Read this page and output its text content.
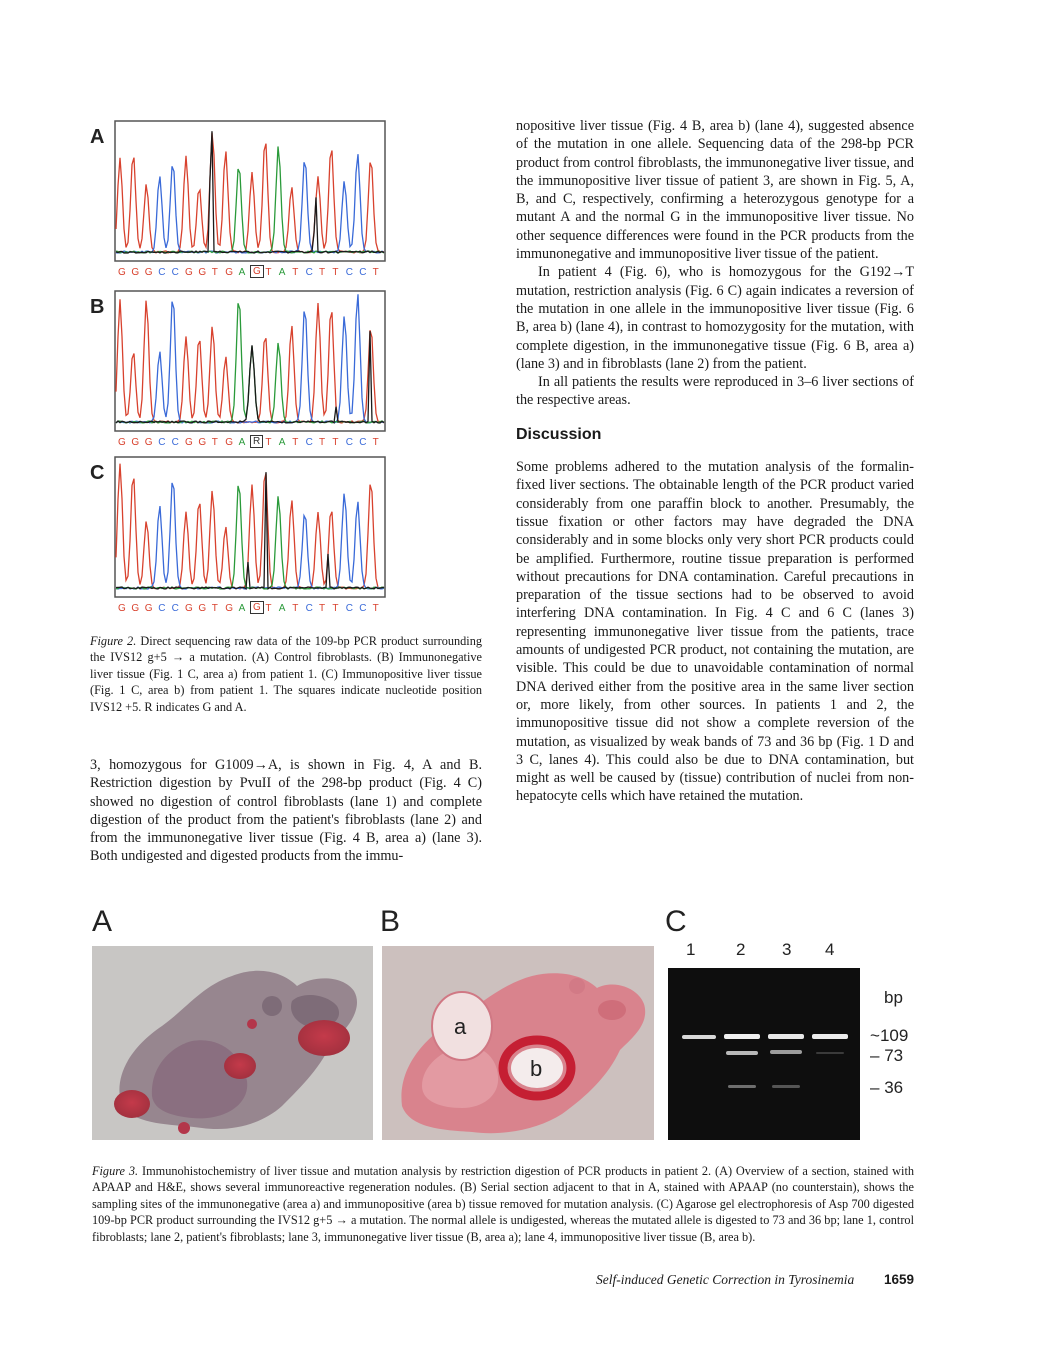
A
G G G C C G G T G A G T A T C T T C C T
B
G G G C C G G T G A R T A T C T T C C T
C
G G G C C G G T G A G T A T C T T C C T
Figure 2. Direct sequencing raw data of the 109-bp PCR product surrounding the IVS12 g+5 → a mutation. (A) Control fibroblasts. (B) Immunonegative liver tissue (Fig. 1 C, area a) from patient 1. (C) Immunopositive liver tissue (Fig. 1 C, area b) from patient 1. The squares indicate nucleotide position IVS12 +5. R indicates G and A.

3, homozygous for G1009→A, is shown in Fig. 4, A and B. Restriction digestion by PvuII of the 298-bp product (Fig. 4 C) showed no digestion of control fibroblasts (lane 1) and complete digestion of the product from the patient's fibroblasts (lane 2) and from the immunonegative liver tissue (Fig. 4 B, area a) (lane 3). Both undigested and digested products from the immu-

nopositive liver tissue (Fig. 4 B, area b) (lane 4), suggested absence of the mutation in one allele. Sequencing data of the 298-bp PCR product from control fibroblasts, the immunonegative liver tissue, and the immunopositive liver tissue of patient 3, are shown in Fig. 5, A, B, and C, respectively, confirming a heterozygous genotype for a mutant A and the normal G in the immunopositive liver tissue. No other sequence differences were found in the PCR products from the immunonegative and immunopositive liver tissue of the patient.

In patient 4 (Fig. 6), who is homozygous for the G192→T mutation, restriction analysis (Fig. 6 C) again indicates a reversion of the mutation in one allele in the immunopositive liver tissue (Fig. 6 B, area b) (lane 4), in contrast to homozygosity for the mutation, with complete digestion, in the immunonegative tissue (Fig. 6 B, area a) (lane 3) and in fibroblasts (lane 2) from the patient.

In all patients the results were reproduced in 3–6 liver sections of the respective areas.

Discussion

Some problems adhered to the mutation analysis of the formalin-fixed liver sections. The obtainable length of the PCR product varied considerably from one paraffin block to another. Presumably, the tissue fixation or other factors may have degraded the DNA considerably and in some blocks only very short PCR products could be amplified. Furthermore, routine tissue preparation is performed without precautions for DNA contamination. Careful precautions in preparation of the tissue sections had to be observed to avoid interfering DNA contamination. In Fig. 4 C and 6 C (lanes 3) representing immunonegative liver tissue from the patients, trace amounts of undigested PCR product, not containing the mutation, are visible. This could be due to unavoidable contamination of normal DNA derived either from the positive area in the same liver section or, more likely, from other sources. In patients 1 and 2, the immunopositive tissue did not show a complete reversion of the mutation, as visualized by weak bands of 73 and 36 bp (Fig. 1 D and 3 C, lanes 4). This could also be due to DNA contamination, but might as well be caused by (tissue) contribution of nuclei from non-hepatocyte cells which have retained the mutation.

A	B	C
a
b
1 2 3 4
bp
~109
– 73
– 36
Figure 3. Immunohistochemistry of liver tissue and mutation analysis by restriction digestion of PCR products in patient 2. (A) Overview of a section, stained with APAAP and H&E, shows several immunoreactive regeneration nodules. (B) Serial section adjacent to that in A, stained with APAAP (no counterstain), shows the sampling sites of the immunonegative (area a) and immunopositive (area b) tissue removed for mutation analysis. (C) Agarose gel electrophoresis of Asp 700 digested 109-bp PCR product surrounding the IVS12 g+5 → a mutation. The normal allele is undigested, whereas the mutated allele is digested to 73 and 36 bp; lane 1, control fibroblasts; lane 2, patient's fibroblasts; lane 3, immunonegative liver tissue (B, area a); lane 4, immunopositive liver tissue (B, area b).
Self-induced Genetic Correction in Tyrosinemia 1659
